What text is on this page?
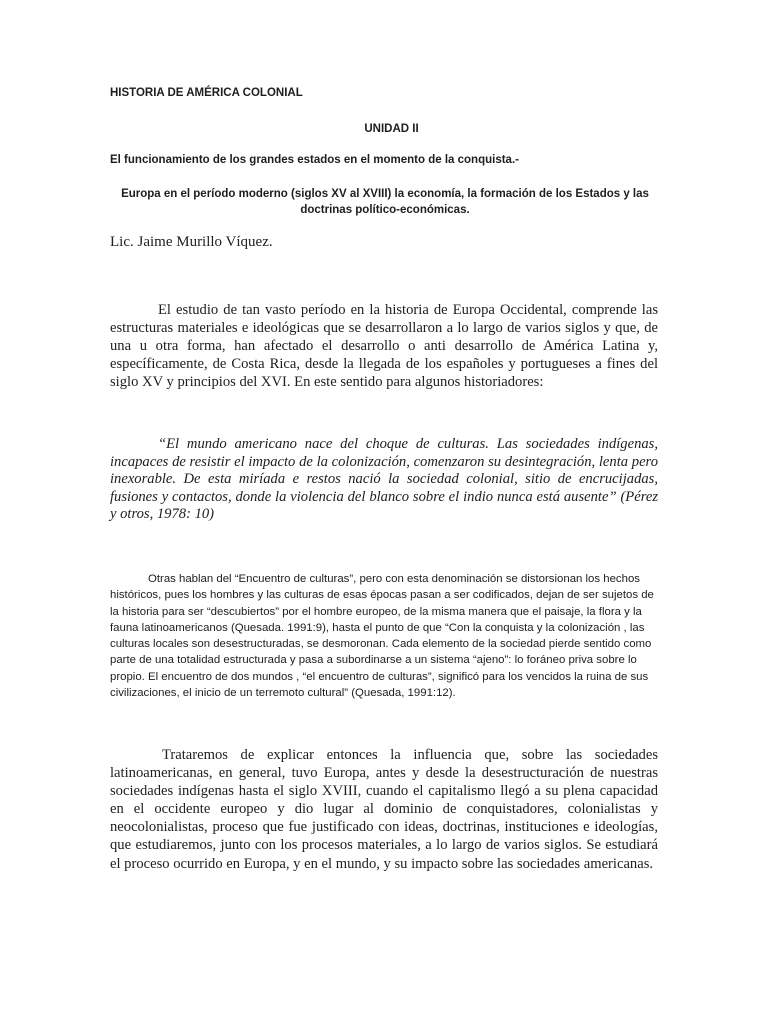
HISTORIA DE AMÉRICA COLONIAL
UNIDAD II
El funcionamiento de los grandes estados en el momento de la conquista.-
Europa en el período moderno (siglos XV al XVIII) la economía, la formación de los Estados y las doctrinas político-económicas.

Lic. Jaime Murillo Víquez.

El estudio de tan vasto período en la historia de Europa Occidental, comprende las estructuras materiales e ideológicas que se desarrollaron a lo largo de varios siglos y que, de una u otra forma, han afectado el desarrollo o anti desarrollo de América Latina y, específicamente, de Costa Rica, desde la llegada de los españoles y portugueses a fines del siglo XV y principios del XVI. En este sentido para algunos historiadores:

“El mundo americano nace del choque de culturas. Las sociedades indígenas, incapaces de resistir el impacto de la colonización, comenzaron su desintegración, lenta pero inexorable. De esta miríada e restos nació la sociedad colonial, sitio de encrucijadas, fusiones y contactos, donde la violencia del blanco sobre el indio nunca está ausente” (Pérez y otros, 1978: 10)

Otras hablan del “Encuentro de culturas”, pero con esta denominación se distorsionan los hechos históricos, pues los hombres y las culturas de esas épocas pasan a ser codificados, dejan de ser sujetos de la historia para ser “descubiertos” por el hombre europeo, de la misma manera que el paisaje, la flora y la fauna latinoamericanos (Quesada. 1991:9), hasta el punto de que “Con la conquista y la colonización , las culturas locales son desestructuradas, se desmoronan. Cada elemento de la sociedad pierde sentido como parte de una totalidad estructurada y pasa a subordinarse a un sistema “ajeno”: lo foráneo priva sobre lo propio. El encuentro de dos mundos , “el encuentro de culturas”, significó para los vencidos la ruina de sus civilizaciones, el inicio de un terremoto cultural” (Quesada, 1991:12).

Trataremos de explicar entonces la influencia que, sobre las sociedades latinoamericanas, en general, tuvo Europa, antes y desde la desestructuración de nuestras sociedades indígenas hasta el siglo XVIII, cuando el capitalismo llegó a su plena capacidad en el occidente europeo y dio lugar al dominio de conquistadores, colonialistas y neocolonialistas, proceso que fue justificado con ideas, doctrinas, instituciones e ideologías, que estudiaremos, junto con los procesos materiales, a lo largo de varios siglos. Se estudiará el proceso ocurrido en Europa, y en el mundo, y su impacto sobre las sociedades americanas.
